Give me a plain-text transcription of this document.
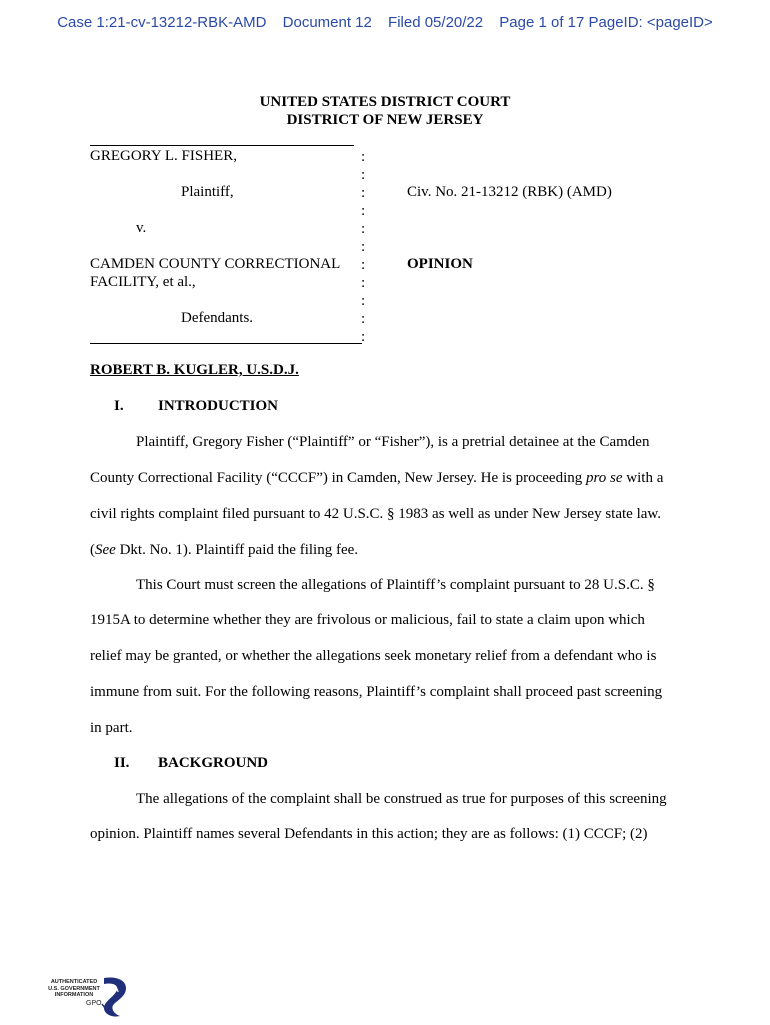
Case 1:21-cv-13212-RBK-AMD Document 12 Filed 05/20/22 Page 1 of 17 PageID: <pageID>
UNITED STATES DISTRICT COURT
DISTRICT OF NEW JERSEY
GREGORY L. FISHER,
Plaintiff,
v.
CAMDEN COUNTY CORRECTIONAL
FACILITY, et al.,
Defendants.
:
:
:
:
:
:
:
:
:
:
:
Civ. No. 21-13212 (RBK) (AMD)
OPINION
ROBERT B. KUGLER, U.S.D.J.
I. INTRODUCTION
Plaintiff, Gregory Fisher (“Plaintiff” or “Fisher”), is a pretrial detainee at the Camden
County Correctional Facility (“CCCF”) in Camden, New Jersey. He is proceeding pro se with a
civil rights complaint filed pursuant to 42 U.S.C. § 1983 as well as under New Jersey state law.
(See Dkt. No. 1). Plaintiff paid the filing fee.
This Court must screen the allegations of Plaintiff’s complaint pursuant to 28 U.S.C. §
1915A to determine whether they are frivolous or malicious, fail to state a claim upon which
relief may be granted, or whether the allegations seek monetary relief from a defendant who is
immune from suit. For the following reasons, Plaintiff’s complaint shall proceed past screening
in part.
II. BACKGROUND
The allegations of the complaint shall be construed as true for purposes of this screening
opinion. Plaintiff names several Defendants in this action; they are as follows: (1) CCCF; (2)
AUTHENTICATED
U.S. GOVERNMENT
INFORMATION
GPO
